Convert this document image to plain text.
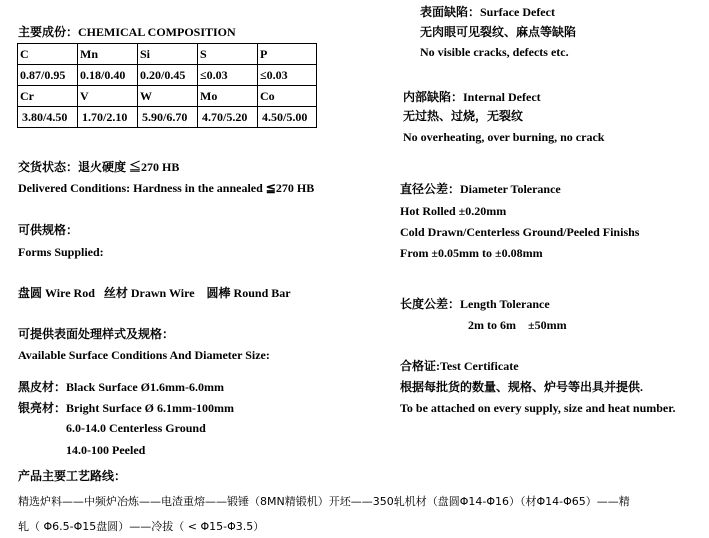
主要成份：CHEMICAL COMPOSITION
C	Mn	Si	S	P
0.87/0.95	0.18/0.40	0.20/0.45	≤0.03	≤0.03
Cr	V	W	Mo	Co
3.80/4.50	1.70/2.10	5.90/6.70	4.70/5.20	4.50/5.00
交货状态：退火硬度 ≦270 HB
Delivered Conditions: Hardness in the annealed ≦270 HB
可供规格：
Forms Supplied:
盘圆 Wire Rod   丝材 Drawn Wire    圆棒 Round Bar
可提供表面处理样式及规格：
Available Surface Conditions And Diameter Size:
黑皮材：Black Surface Ø1.6mm-6.0mm
银亮材：Bright Surface Ø 6.1mm-100mm
6.0-14.0 Centerless Ground
14.0-100 Peeled
产品主要工艺路线：
精选炉料——中频炉冶炼——电渣重熔——锻锤（8MN精锻机）开坯——350轧机材（盘圆Φ14-Φ16）（材Φ14-Φ65）——精
轧（ Φ6.5-Φ15盘圆）——冷拔（ < Φ15-Φ3.5）
表面缺陷：Surface Defect
无肉眼可见裂纹、麻点等缺陷
No visible cracks, defects etc.
内部缺陷：Internal Defect
无过热、过烧，无裂纹
No overheating, over burning, no crack
直径公差：Diameter Tolerance
Hot Rolled ±0.20mm
Cold Drawn/Centerless Ground/Peeled Finishs
From ±0.05mm to ±0.08mm
长度公差：Length Tolerance
2m to 6m    ±50mm
合格证:Test Certificate
根据每批货的数量、规格、炉号等出具并提供.
To be attached on every supply, size and heat number.
